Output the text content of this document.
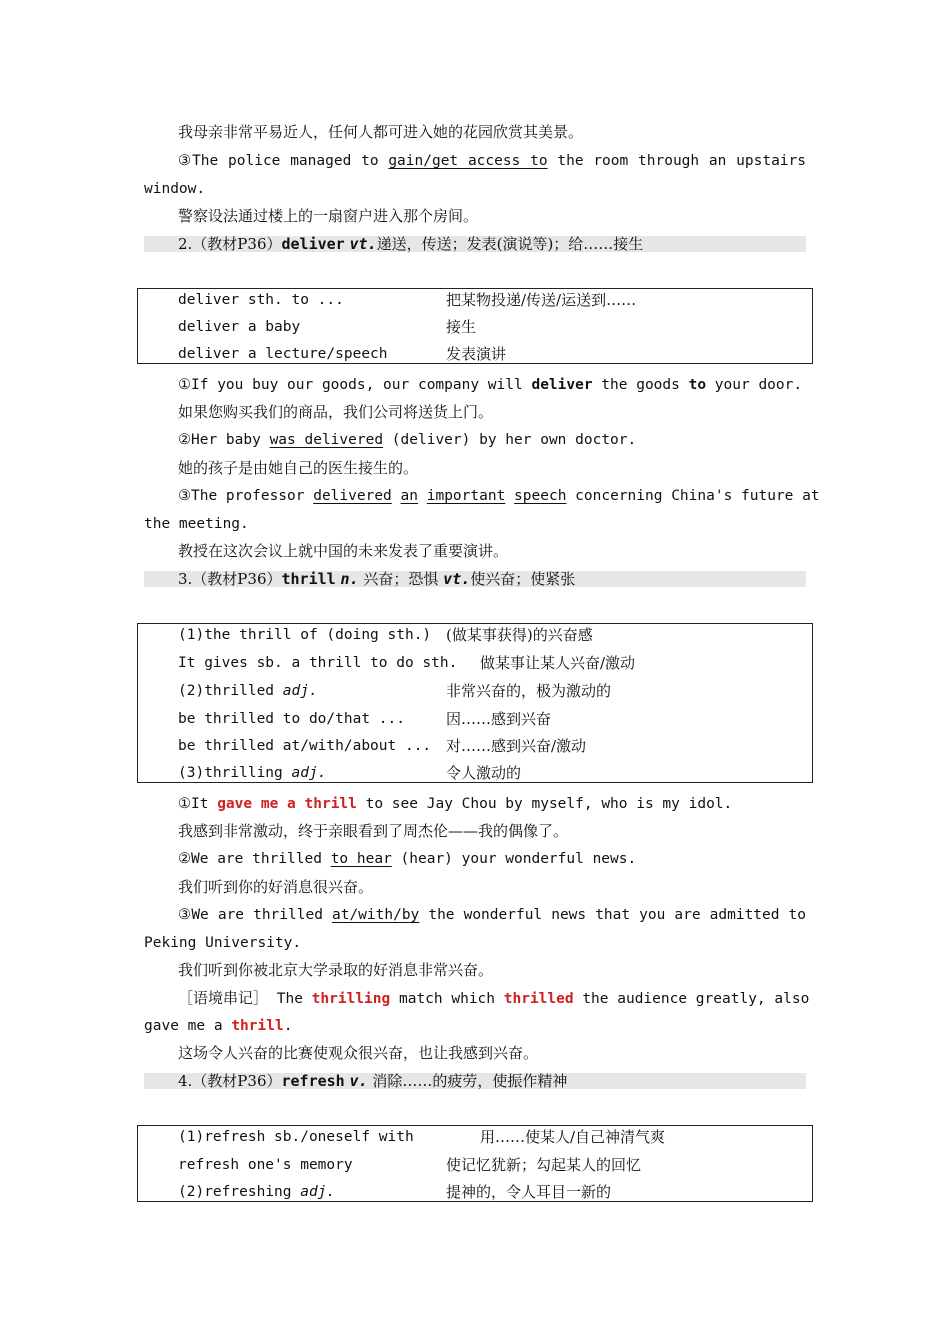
我母亲非常平易近人，任何人都可进入她的花园欣赏其美景。
③The police managed to gain/get access to the room through an upstairs
window.
警察设法通过楼上的一扇窗户进入那个房间。
2.（教材P36）deliver vt.递送，传送；发表(演说等)；给……接生
deliver sth. to ...	把某物投递/传送/运送到……
deliver a baby	接生
deliver a lecture/speech	发表演讲
①If you buy our goods, our company will deliver the goods to your door.
如果您购买我们的商品，我们公司将送货上门。
②Her baby was delivered (deliver) by her own doctor.
她的孩子是由她自己的医生接生的。
③The professor delivered an important speech concerning China's future at
the meeting.
教授在这次会议上就中国的未来发表了重要演讲。
3.（教材P36）thrill n. 兴奋；恐惧 vt.使兴奋；使紧张
(1)the thrill of (doing sth.) (做某事获得)的兴奋感
It gives sb. a thrill to do sth. 做某事让某人兴奋/激动
(2)thrilled adj.	非常兴奋的，极为激动的
be thrilled to do/that ...	因……感到兴奋
be thrilled at/with/about ... 对……感到兴奋/激动
(3)thrilling adj.	令人激动的
①It gave me a thrill to see Jay Chou by myself, who is my idol.
我感到非常激动，终于亲眼看到了周杰伦——我的偶像了。
②We are thrilled to hear (hear) your wonderful news.
我们听到你的好消息很兴奋。
③We are thrilled at/with/by the wonderful news that you are admitted to
Peking University.
我们听到你被北京大学录取的好消息非常兴奋。
［语境串记］ The thrilling match which thrilled the audience greatly, also
gave me a thrill.
这场令人兴奋的比赛使观众很兴奋，也让我感到兴奋。
4.（教材P36）refresh v. 消除……的疲劳，使振作精神
(1)refresh sb./oneself with	用……使某人/自己神清气爽
refresh one's memory	使记忆犹新；勾起某人的回忆
(2)refreshing adj.	提神的，令人耳目一新的
